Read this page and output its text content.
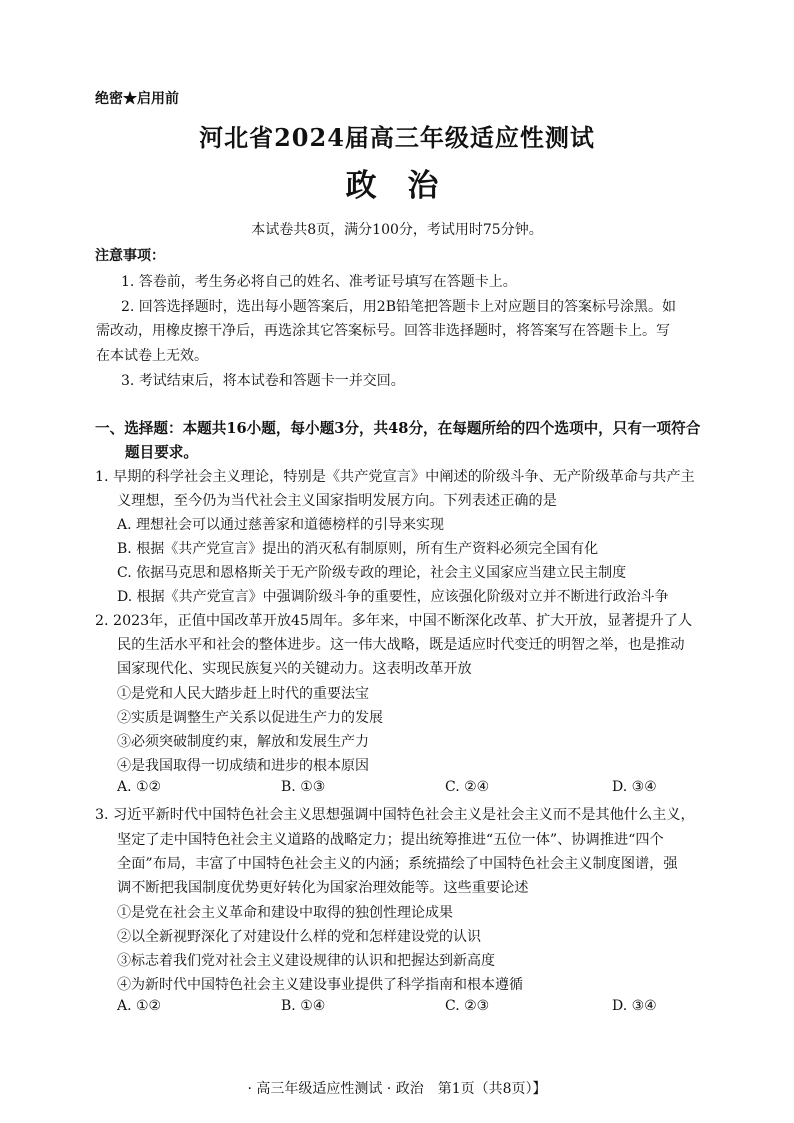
绝密★启用前
河北省2024届高三年级适应性测试
政 治
本试卷共8页，满分100分，考试用时75分钟。
注意事项：
1. 答卷前，考生务必将自己的姓名、准考证号填写在答题卡上。
2. 回答选择题时，选出每小题答案后，用2B铅笔把答题卡上对应题目的答案标号涂黑。如
需改动，用橡皮擦干净后，再选涂其它答案标号。回答非选择题时，将答案写在答题卡上。写
在本试卷上无效。
3. 考试结束后，将本试卷和答题卡一并交回。
一、选择题：本题共16小题，每小题3分，共48分，在每题所给的四个选项中，只有一项符合
题目要求。
1. 早期的科学社会主义理论，特别是《共产党宣言》中阐述的阶级斗争、无产阶级革命与共产主
义理想，至今仍为当代社会主义国家指明发展方向。下列表述正确的是
A. 理想社会可以通过慈善家和道德榜样的引导来实现
B. 根据《共产党宣言》提出的消灭私有制原则，所有生产资料必须完全国有化
C. 依据马克思和恩格斯关于无产阶级专政的理论，社会主义国家应当建立民主制度
D. 根据《共产党宣言》中强调阶级斗争的重要性，应该强化阶级对立并不断进行政治斗争
2. 2023年，正值中国改革开放45周年。多年来，中国不断深化改革、扩大开放，显著提升了人
民的生活水平和社会的整体进步。这一伟大战略，既是适应时代变迁的明智之举，也是推动
国家现代化、实现民族复兴的关键动力。这表明改革开放
①是党和人民大踏步赶上时代的重要法宝
②实质是调整生产关系以促进生产力的发展
③必须突破制度约束，解放和发展生产力
④是我国取得一切成绩和进步的根本原因
A. ①②	B. ①③	C. ②④	D. ③④
3. 习近平新时代中国特色社会主义思想强调中国特色社会主义是社会主义而不是其他什么主义，
坚定了走中国特色社会主义道路的战略定力；提出统筹推进“五位一体”、协调推进“四个
全面”布局，丰富了中国特色社会主义的内涵；系统描绘了中国特色社会主义制度图谱，强
调不断把我国制度优势更好转化为国家治理效能等。这些重要论述
①是党在社会主义革命和建设中取得的独创性理论成果
②以全新视野深化了对建设什么样的党和怎样建设党的认识
③标志着我们党对社会主义建设规律的认识和把握达到新高度
④为新时代中国特色社会主义建设事业提供了科学指南和根本遵循
A. ①②	B. ①④	C. ②③	D. ③④
· 高三年级适应性测试 · 政治　第1页（共8页）】
